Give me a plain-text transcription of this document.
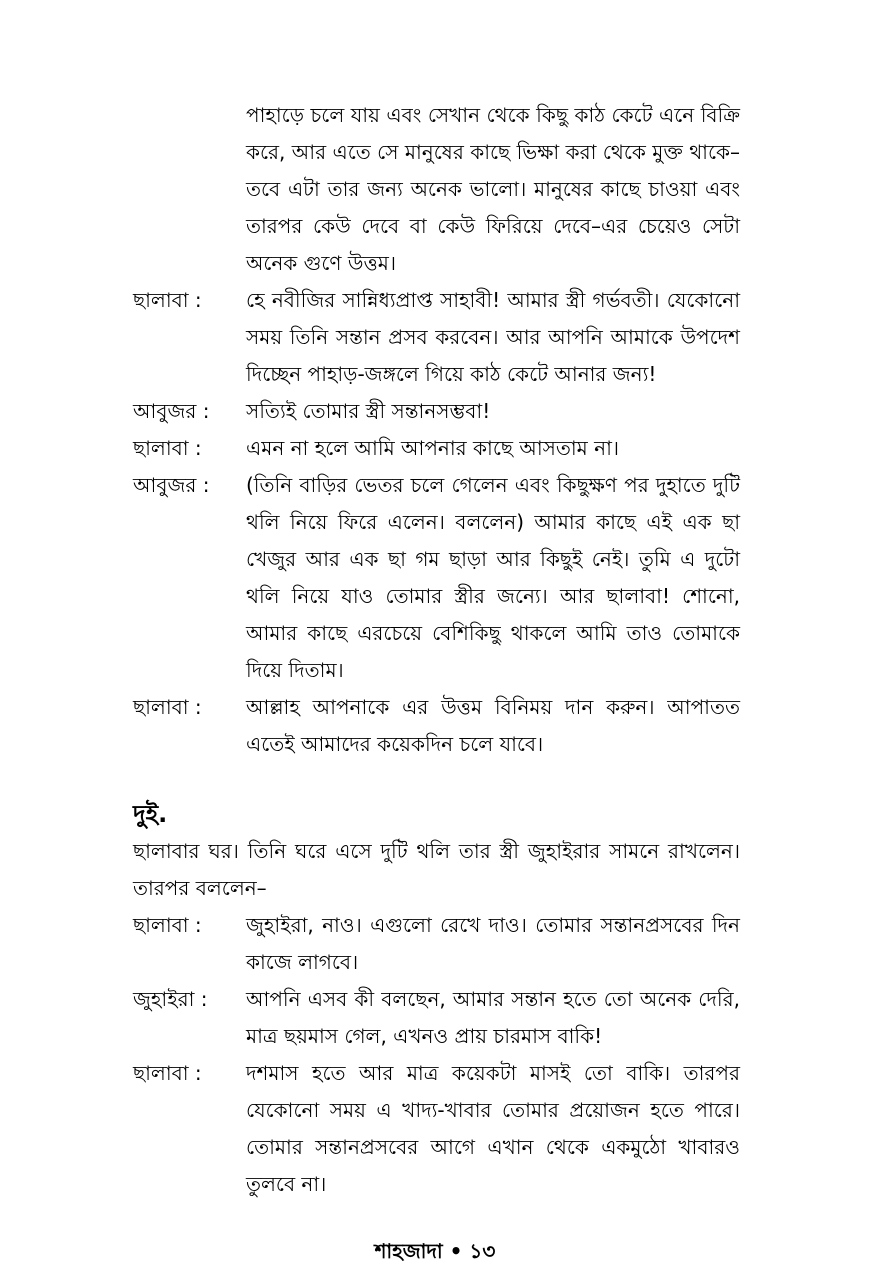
পাহাড়ে চলে যায় এবং সেখান থেকে কিছু কাঠ কেটে এনে বিক্রি করে, আর এতে সে মানুষের কাছে ভিক্ষা করা থেকে মুক্ত থাকে–তবে এটা তার জন্য অনেক ভালো। মানুষের কাছে চাওয়া এবং তারপর কেউ দেবে বা কেউ ফিরিয়ে দেবে–এর চেয়েও সেটা অনেক গুণে উত্তম।
ছালাবা :	হে নবীজির সান্নিধ্যপ্রাপ্ত সাহাবী! আমার স্ত্রী গর্ভবতী। যেকোনো সময় তিনি সন্তান প্রসব করবেন। আর আপনি আমাকে উপদেশ দিচ্ছেন পাহাড়-জঙ্গলে গিয়ে কাঠ কেটে আনার জন্য!
আবুজর :	সত্যিই তোমার স্ত্রী সন্তানসম্ভবা!
ছালাবা :	এমন না হলে আমি আপনার কাছে আসতাম না।
আবুজর :	(তিনি বাড়ির ভেতর চলে গেলেন এবং কিছুক্ষণ পর দুহাতে দুটি থলি নিয়ে ফিরে এলেন। বললেন) আমার কাছে এই এক ছা খেজুর আর এক ছা গম ছাড়া আর কিছুই নেই। তুমি এ দুটো থলি নিয়ে যাও তোমার স্ত্রীর জন্যে। আর ছালাবা! শোনো, আমার কাছে এরচেয়ে বেশিকিছু থাকলে আমি তাও তোমাকে দিয়ে দিতাম।
ছালাবা :	আল্লাহ আপনাকে এর উত্তম বিনিময় দান করুন। আপাতত এতেই আমাদের কয়েকদিন চলে যাবে।
দুই.
ছালাবার ঘর। তিনি ঘরে এসে দুটি থলি তার স্ত্রী জুহাইরার সামনে রাখলেন। তারপর বললেন–
ছালাবা :	জুহাইরা, নাও। এগুলো রেখে দাও। তোমার সন্তানপ্রসবের দিন কাজে লাগবে।
জুহাইরা :	আপনি এসব কী বলছেন, আমার সন্তান হতে তো অনেক দেরি, মাত্র ছয়মাস গেল, এখনও প্রায় চারমাস বাকি!
ছালাবা :	দশমাস হতে আর মাত্র কয়েকটা মাসই তো বাকি। তারপর যেকোনো সময় এ খাদ্য-খাবার তোমার প্রয়োজন হতে পারে। তোমার সন্তানপ্রসবের আগে এখান থেকে একমুঠো খাবারও তুলবে না।
শাহজাদা • ১৩
